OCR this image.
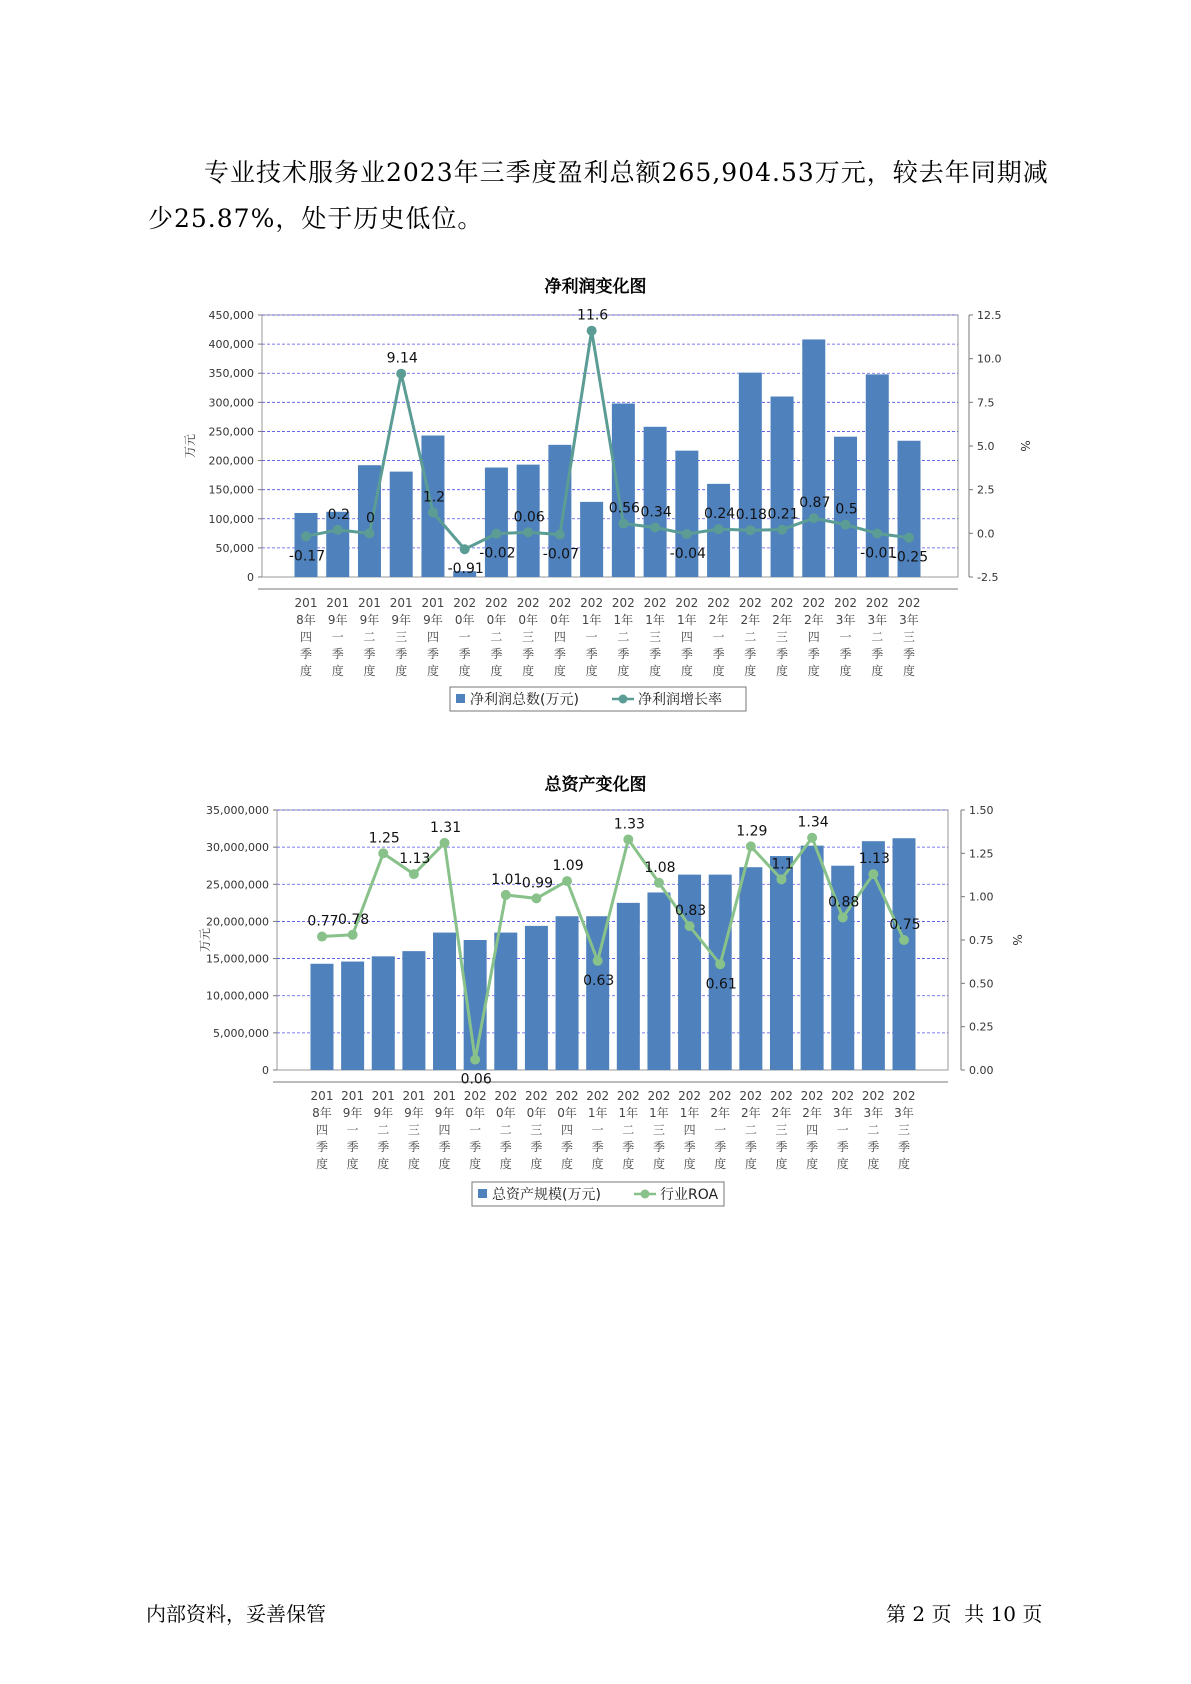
专业技术服务业2023年三季度盈利总额265,904.53万元，较去年同期减少25.87%，处于历史低位。

净利润变化图
0
50,000
100,000
150,000
200,000
250,000
300,000
350,000
400,000
450,000
-2.5
0.0
2.5
5.0
7.5
10.0
12.5
万元	%
201
8年
四
季
度
201
9年
一
季
度
201
9年
二
季
度
201
9年
三
季
度
201
9年
四
季
度
202
0年
一
季
度
202
0年
二
季
度
202
0年
三
季
度
202
0年
四
季
度
202
1年
一
季
度
202
1年
二
季
度
202
1年
三
季
度
202
1年
四
季
度
202
2年
一
季
度
202
2年
二
季
度
202
2年
三
季
度
202
2年
四
季
度
202
3年
一
季
度
202
3年
二
季
度
202
3年
三
季
度
-0.17
0.2 0
9.14
1.2
-0.91
-0.02
0.06
-0.07
11.6
0.56 0.34
-0.04
0.24 0.18 0.21
0.87 0.5
-0.01
-0.25
净利润总数(万元)	净利润增长率
总资产变化图
0
5,000,000
10,000,000
15,000,000
20,000,000
25,000,000
30,000,000
35,000,000
0.00
0.25
0.50
0.75
1.00
1.25
1.50
万元	%
201
8年
四
季
度
201
9年
一
季
度
201
9年
二
季
度
201
9年
三
季
度
201
9年
四
季
度
202
0年
一
季
度
202
0年
二
季
度
202
0年
三
季
度
202
0年
四
季
度
202
1年
一
季
度
202
1年
二
季
度
202
1年
三
季
度
202
1年
四
季
度
202
2年
一
季
度
202
2年
二
季
度
202
2年
三
季
度
202
2年
四
季
度
202
3年
一
季
度
202
3年
二
季
度
202
3年
三
季
度
0.77 0.78
1.25
1.13
1.31
0.06
1.01 0.99
1.09
0.63
1.33
1.08
0.83
0.61
1.29
1.1
1.34
0.88
1.13
0.75
总资产规模(万元)	行业ROA
内部资料，妥善保管	第 2 页  共 10 页
